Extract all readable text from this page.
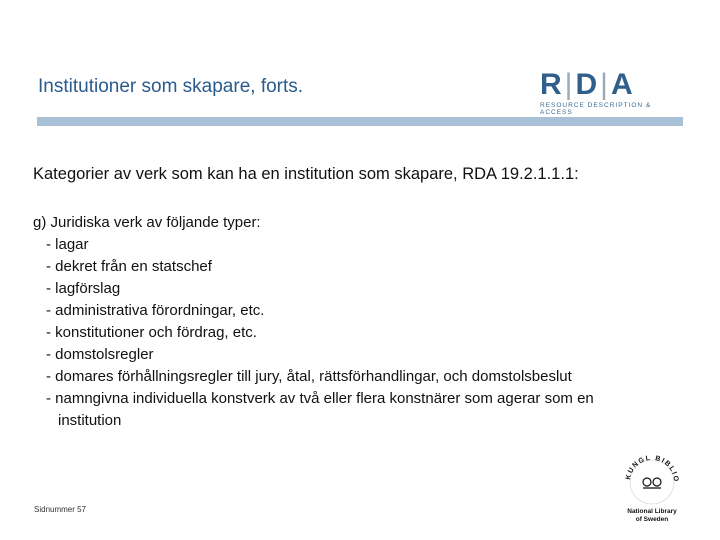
Institutioner som skapare, forts.	R|D|A
RESOURCE DESCRIPTION & ACCESS
Kategorier av verk som kan ha en institution som skapare, RDA 19.2.1.1.1:
g) Juridiska verk av följande typer:
- lagar
- dekret från en statschef
- lagförslag
- administrativa förordningar, etc.
- konstitutioner och fördrag, etc.
- domstolsregler
- domares förhållningsregler till jury, åtal, rättsförhandlingar, och domstolsbeslut
- namngivna individuella konstverk av två eller flera konstnärer som agerar som en
institution
Sidnummer 57
KUNGL BIBLIO
National Library
of Sweden
